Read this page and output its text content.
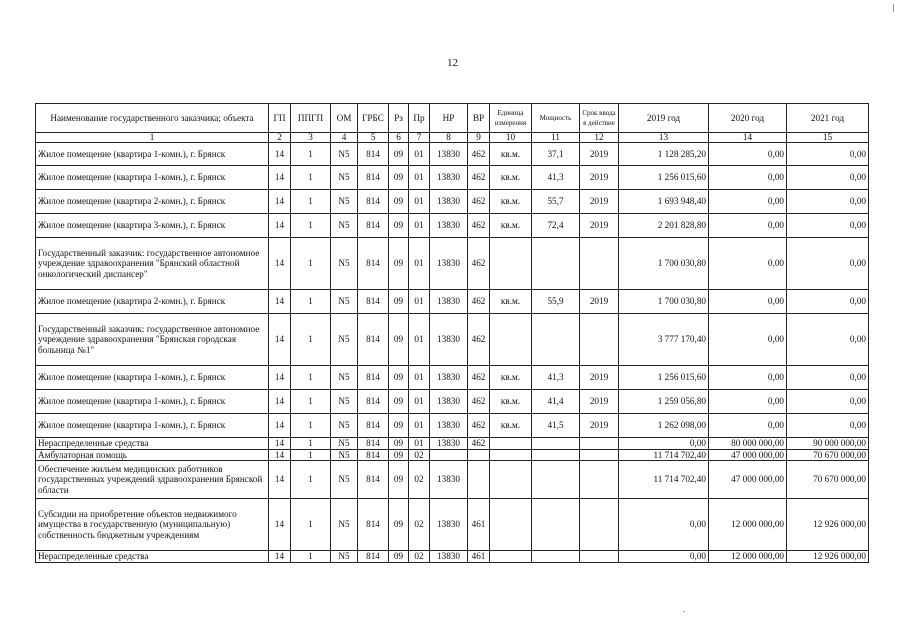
12
Наименование государственного заказчика; объекта	ГП	ППГП	ОМ	ГРБС	Рз	Пр	НР	ВР	Единица измерения	Мощность	Срок ввода в действие	2019 год	2020 год	2021 год
1	2	3	4	5	6	7	8	9	10	11	12	13	14	15
Жилое помещение (квартира 1-комн.), г. Брянск	14	1	N5	814	09	01	13830	462	кв.м.	37,1	2019	1 128 285,20	0,00	0,00
Жилое помещение (квартира 1-комн.), г. Брянск	14	1	N5	814	09	01	13830	462	кв.м.	41,3	2019	1 256 015,60	0,00	0,00
Жилое помещение (квартира 2-комн.), г. Брянск	14	1	N5	814	09	01	13830	462	кв.м.	55,7	2019	1 693 948,40	0,00	0,00
Жилое помещение (квартира 3-комн.), г. Брянск	14	1	N5	814	09	01	13830	462	кв.м.	72,4	2019	2 201 828,80	0,00	0,00
Государственный заказчик: государственное автономное учреждение здравоохранения "Брянский областной онкологический диспансер"	14	1	N5	814	09	01	13830	462				1 700 030,80	0,00	0,00
Жилое помещение (квартира 2-комн.), г. Брянск	14	1	N5	814	09	01	13830	462	кв.м.	55,9	2019	1 700 030,80	0,00	0,00
Государственный заказчик: государственное автономное учреждение здравоохранения "Брянская городская больница №1"	14	1	N5	814	09	01	13830	462				3 777 170,40	0,00	0,00
Жилое помещение (квартира 1-комн.), г. Брянск	14	1	N5	814	09	01	13830	462	кв.м.	41,3	2019	1 256 015,60	0,00	0,00
Жилое помещение (квартира 1-комн.), г. Брянск	14	1	N5	814	09	01	13830	462	кв.м.	41,4	2019	1 259 056,80	0,00	0,00
Жилое помещение (квартира 1-комн.), г. Брянск	14	1	N5	814	09	01	13830	462	кв.м.	41,5	2019	1 262 098,00	0,00	0,00
Нераспределенные средства	14	1	N5	814	09	01	13830	462				0,00	80 000 000,00	90 000 000,00
Амбулаторная помощь	14	1	N5	814	09	02						11 714 702,40	47 000 000,00	70 670 000,00
Обеспечение жильем медицинских работников государственных учреждений здравоохранения Брянской области	14	1	N5	814	09	02	13830					11 714 702,40	47 000 000,00	70 670 000,00
Субсидии на приобретение объектов недвижимого имущества в государственную (муниципальную) собственность бюджетным учреждениям	14	1	N5	814	09	02	13830	461				0,00	12 000 000,00	12 926 000,00
Нераспределенные средства	14	1	N5	814	09	02	13830	461				0,00	12 000 000,00	12 926 000,00
